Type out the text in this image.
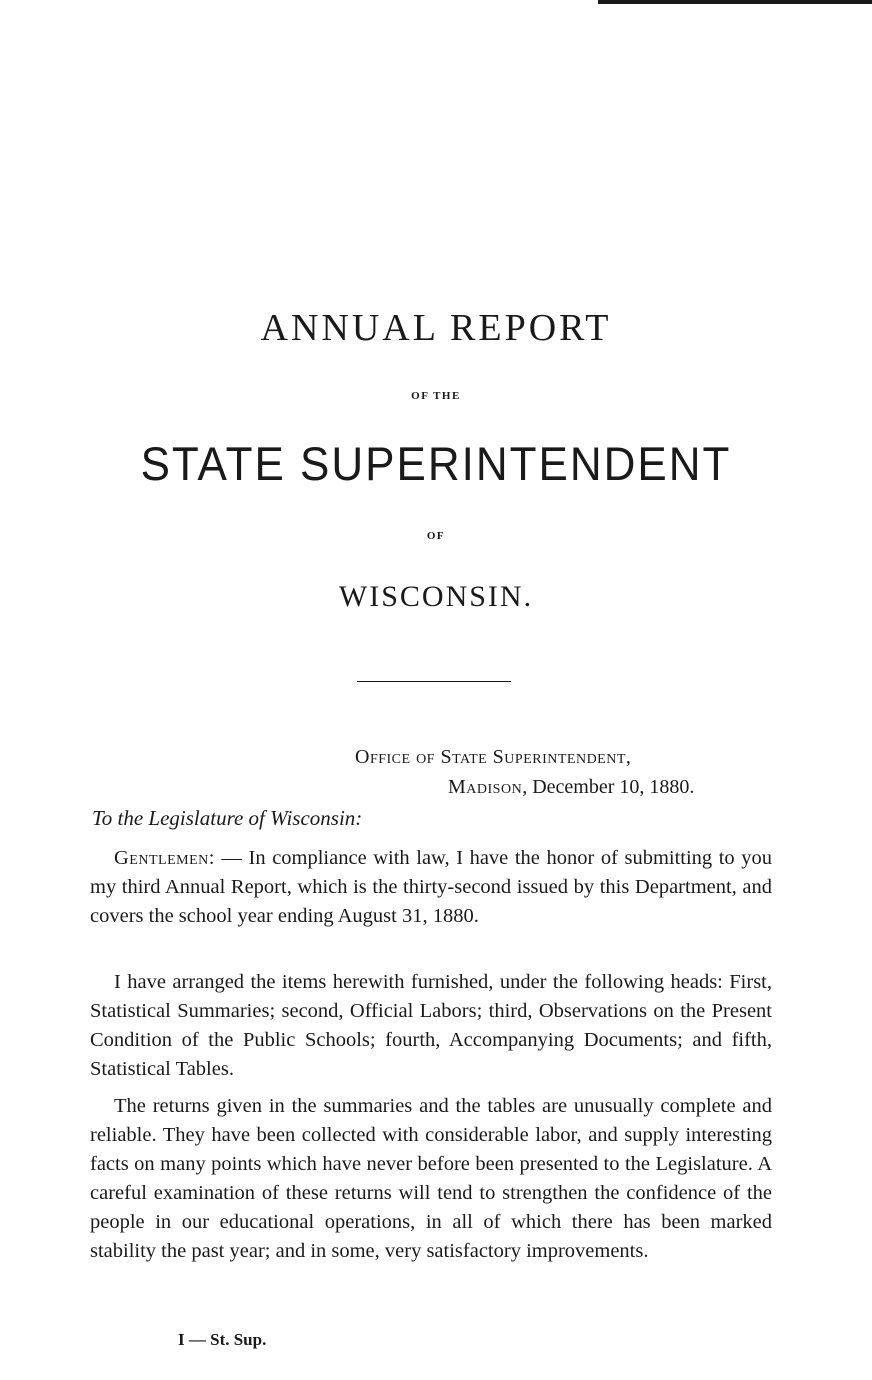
ANNUAL REPORT
OF THE
STATE SUPERINTENDENT
OF
WISCONSIN.
Office of State Superintendent,
Madison, December 10, 1880.
To the Legislature of Wisconsin:

Gentlemen: — In compliance with law, I have the honor of submitting to you my third Annual Report, which is the thirty-second issued by this Department, and covers the school year ending August 31, 1880.

I have arranged the items herewith furnished, under the following heads: First, Statistical Summaries; second, Official Labors; third, Observations on the Present Condition of the Public Schools; fourth, Accompanying Documents; and fifth, Statistical Tables.

The returns given in the summaries and the tables are unusually complete and reliable. They have been collected with considerable labor, and supply interesting facts on many points which have never before been presented to the Legislature. A careful examination of these returns will tend to strengthen the confidence of the people in our educational operations, in all of which there has been marked stability the past year; and in some, very satisfactory improvements.

I — St. Sup.
